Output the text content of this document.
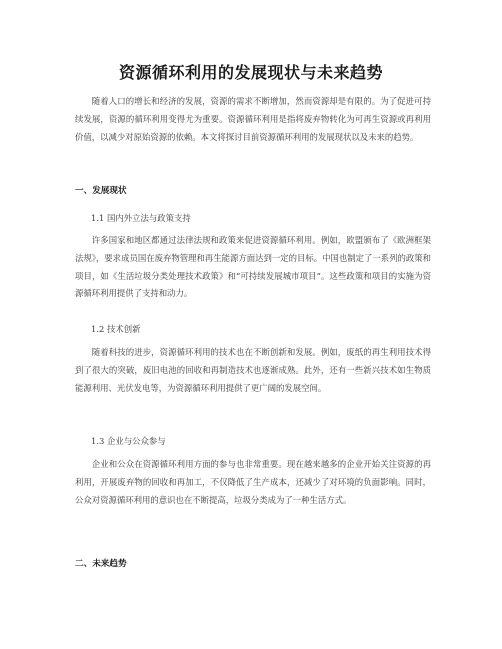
资源循环利用的发展现状与未来趋势

随着人口的增长和经济的发展，资源的需求不断增加，然而资源却是有限的。为了促进可持续发展，资源的循环利用变得尤为重要。资源循环利用是指将废弃物转化为可再生资源或再利用价值，以减少对原始资源的依赖。本文将探讨目前资源循环利用的发展现状以及未来的趋势。

一、发展现状
1.1 国内外立法与政策支持

许多国家和地区都通过法律法规和政策来促进资源循环利用。例如，欧盟颁布了《欧洲框架法规》，要求成员国在废弃物管理和再生能源方面达到一定的目标。中国也制定了一系列的政策和项目，如《生活垃圾分类处理技术政策》和“可持续发展城市项目”。这些政策和项目的实施为资源循环利用提供了支持和动力。

1.2 技术创新

随着科技的进步，资源循环利用的技术也在不断创新和发展。例如，废纸的再生利用技术得到了很大的突破，废旧电池的回收和再制造技术也逐渐成熟。此外，还有一些新兴技术如生物质能源利用、光伏发电等，为资源循环利用提供了更广阔的发展空间。

1.3 企业与公众参与

企业和公众在资源循环利用方面的参与也非常重要。现在越来越多的企业开始关注资源的再利用，开展废弃物的回收和再加工，不仅降低了生产成本，还减少了对环境的负面影响。同时，公众对资源循环利用的意识也在不断提高，垃圾分类成为了一种生活方式。

二、未来趋势
